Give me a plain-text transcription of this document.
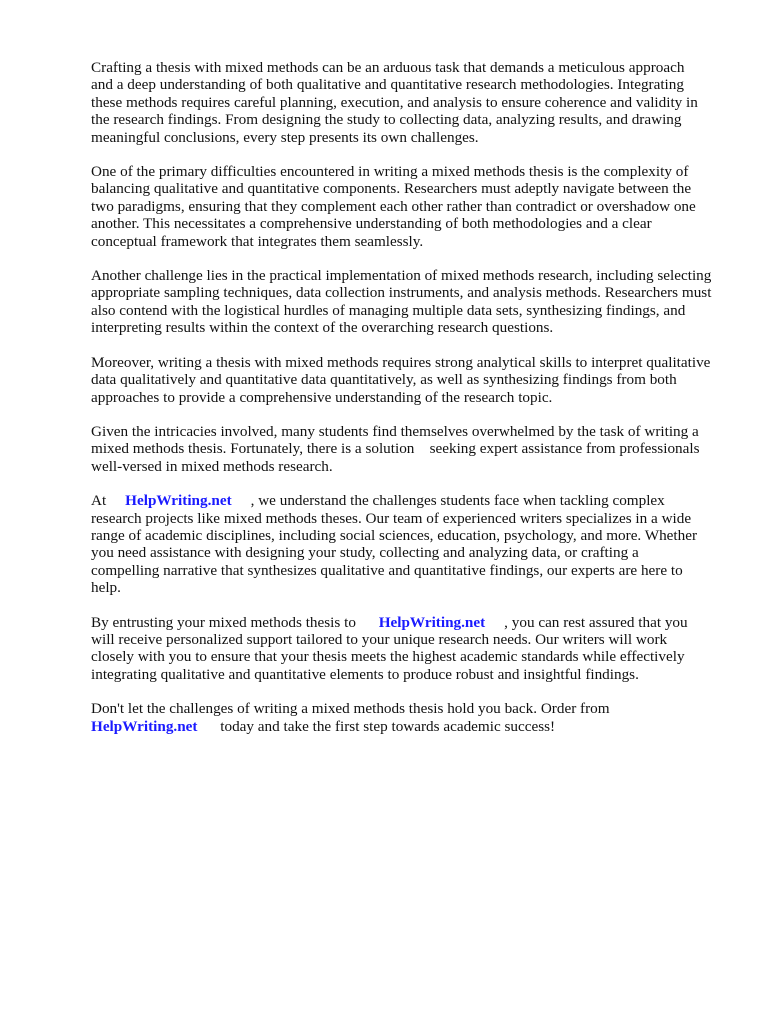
Crafting a thesis with mixed methods can be an arduous task that demands a meticulous approach
and a deep understanding of both qualitative and quantitative research methodologies. Integrating
these methods requires careful planning, execution, and analysis to ensure coherence and validity in
the research findings. From designing the study to collecting data, analyzing results, and drawing
meaningful conclusions, every step presents its own challenges.
One of the primary difficulties encountered in writing a mixed methods thesis is the complexity of
balancing qualitative and quantitative components. Researchers must adeptly navigate between the
two paradigms, ensuring that they complement each other rather than contradict or overshadow one
another. This necessitates a comprehensive understanding of both methodologies and a clear
conceptual framework that integrates them seamlessly.
Another challenge lies in the practical implementation of mixed methods research, including selecting
appropriate sampling techniques, data collection instruments, and analysis methods. Researchers must
also contend with the logistical hurdles of managing multiple data sets, synthesizing findings, and
interpreting results within the context of the overarching research questions.
Moreover, writing a thesis with mixed methods requires strong analytical skills to interpret qualitative
data qualitatively and quantitative data quantitatively, as well as synthesizing findings from both
approaches to provide a comprehensive understanding of the research topic.
Given the intricacies involved, many students find themselves overwhelmed by the task of writing a
mixed methods thesis. Fortunately, there is a solution    seeking expert assistance from professionals
well-versed in mixed methods research.
At     HelpWriting.net     , we understand the challenges students face when tackling complex
research projects like mixed methods theses. Our team of experienced writers specializes in a wide
range of academic disciplines, including social sciences, education, psychology, and more. Whether
you need assistance with designing your study, collecting and analyzing data, or crafting a
compelling narrative that synthesizes qualitative and quantitative findings, our experts are here to
help.
By entrusting your mixed methods thesis to      HelpWriting.net     , you can rest assured that you
will receive personalized support tailored to your unique research needs. Our writers will work
closely with you to ensure that your thesis meets the highest academic standards while effectively
integrating qualitative and quantitative elements to produce robust and insightful findings.
Don't let the challenges of writing a mixed methods thesis hold you back. Order from
HelpWriting.net      today and take the first step towards academic success!
